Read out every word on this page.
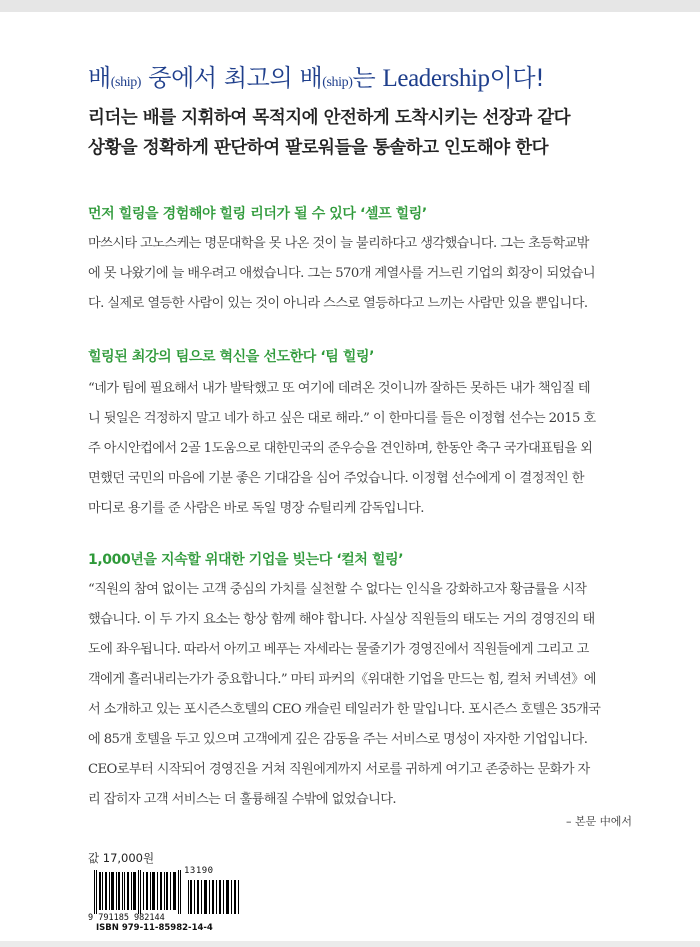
배(ship) 중에서 최고의 배(ship)는 Leadership이다!
리더는 배를 지휘하여 목적지에 안전하게 도착시키는 선장과 같다
상황을 정확하게 판단하여 팔로워들을 통솔하고 인도해야 한다
먼저 힐링을 경험해야 힐링 리더가 될 수 있다 ‘셀프 힐링’
마쓰시타 고노스케는 명문대학을 못 나온 것이 늘 불리하다고 생각했습니다. 그는 초등학교밖
에 못 나왔기에 늘 배우려고 애썼습니다. 그는 570개 계열사를 거느린 기업의 회장이 되었습니
다. 실제로 열등한 사람이 있는 것이 아니라 스스로 열등하다고 느끼는 사람만 있을 뿐입니다.
힐링된 최강의 팀으로 혁신을 선도한다 ‘팀 힐링’
“네가 팀에 필요해서 내가 발탁했고 또 여기에 데려온 것이니까 잘하든 못하든 내가 책임질 테
니 뒷일은 걱정하지 말고 네가 하고 싶은 대로 해라.” 이 한마디를 들은 이정협 선수는 2015 호
주 아시안컵에서 2골 1도움으로 대한민국의 준우승을 견인하며, 한동안 축구 국가대표팀을 외
면했던 국민의 마음에 기분 좋은 기대감을 심어 주었습니다. 이정협 선수에게 이 결정적인 한
마디로 용기를 준 사람은 바로 독일 명장 슈틸리케 감독입니다.
1,000년을 지속할 위대한 기업을 빚는다 ‘컬처 힐링’
“직원의 참여 없이는 고객 중심의 가치를 실천할 수 없다는 인식을 강화하고자 황금률을 시작
했습니다. 이 두 가지 요소는 항상 함께 해야 합니다. 사실상 직원들의 태도는 거의 경영진의 태
도에 좌우됩니다. 따라서 아끼고 베푸는 자세라는 물줄기가 경영진에서 직원들에게 그리고 고
객에게 흘러내리는가가 중요합니다.” 마티 파커의《위대한 기업을 만드는 힘, 컬처 커넥션》에
서 소개하고 있는 포시즌스호텔의 CEO 캐슬린 테일러가 한 말입니다. 포시즌스 호텔은 35개국
에 85개 호텔을 두고 있으며 고객에게 깊은 감동을 주는 서비스로 명성이 자자한 기업입니다.
CEO로부터 시작되어 경영진을 거쳐 직원에게까지 서로를 귀하게 여기고 존중하는 문화가 자
리 잡히자 고객 서비스는 더 훌륭해질 수밖에 없었습니다.
– 본문 中에서
값 17,000원
13190
9 791185 982144
ISBN 979-11-85982-14-4
